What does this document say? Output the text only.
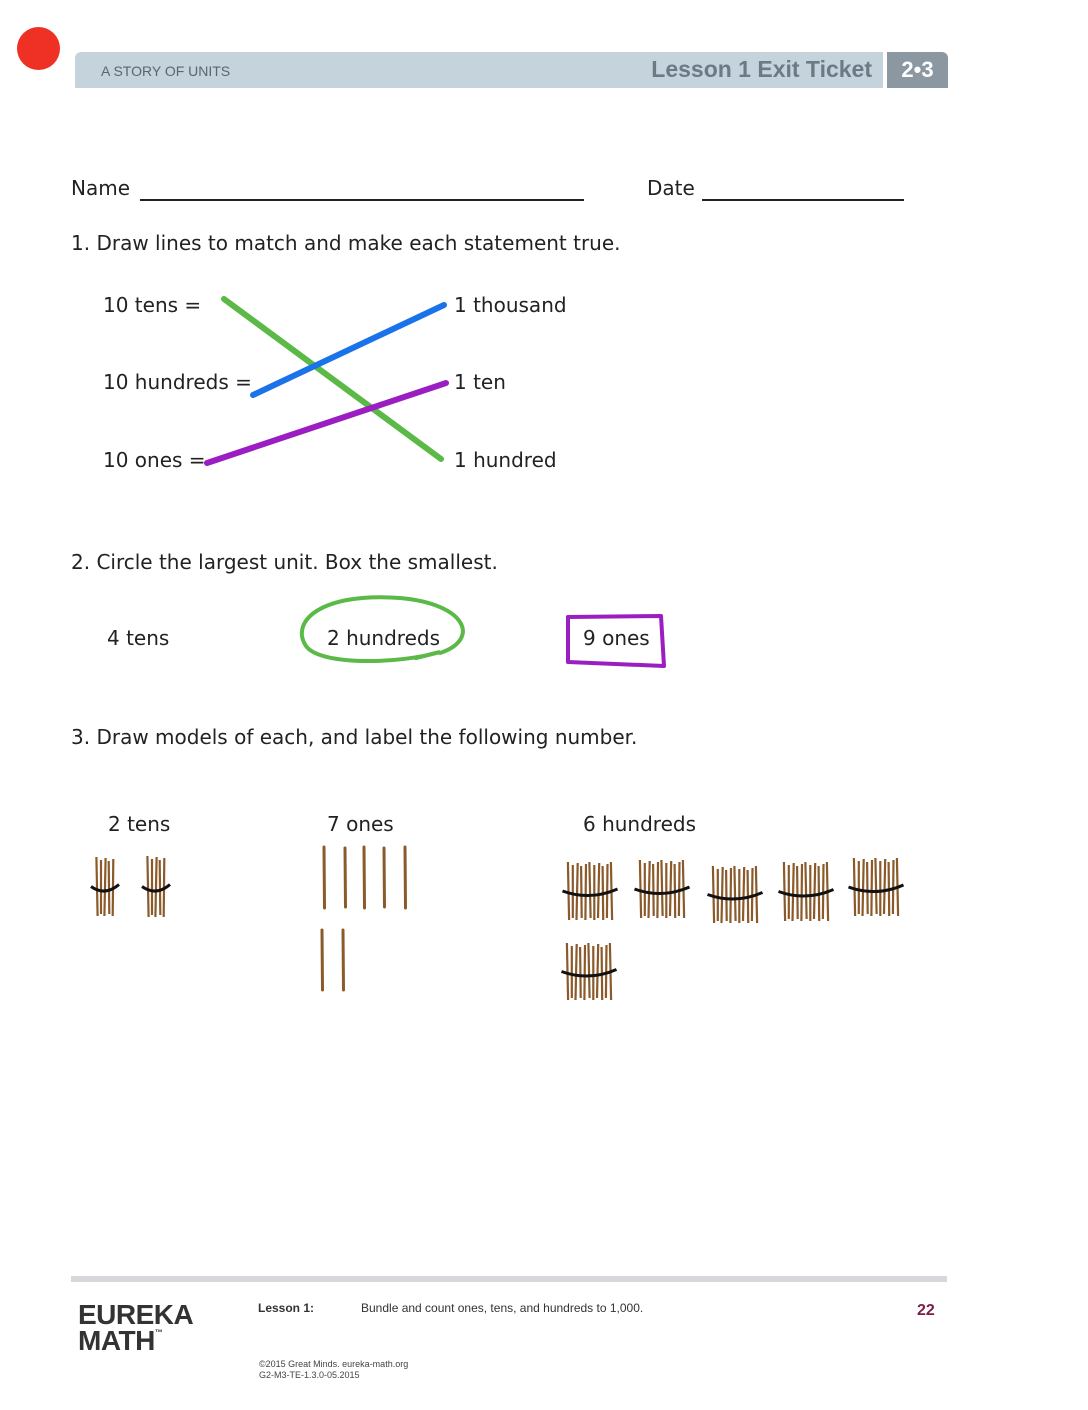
A STORY OF UNITS	Lesson 1 Exit Ticket	2•3
Name	Date
1. Draw lines to match and make each statement true.
10 tens =
10 hundreds =
10 ones =
1 thousand
1 ten
1 hundred
2. Circle the largest unit. Box the smallest.
4 tens	2 hundreds	9 ones
3. Draw models of each, and label the following number.
2 tens	7 ones	6 hundreds
EUREKA
MATH ™
Lesson 1:	Bundle and count ones, tens, and hundreds to 1,000.	22
©2015 Great Minds. eureka-math.org
G2-M3-TE-1.3.0-05.2015
